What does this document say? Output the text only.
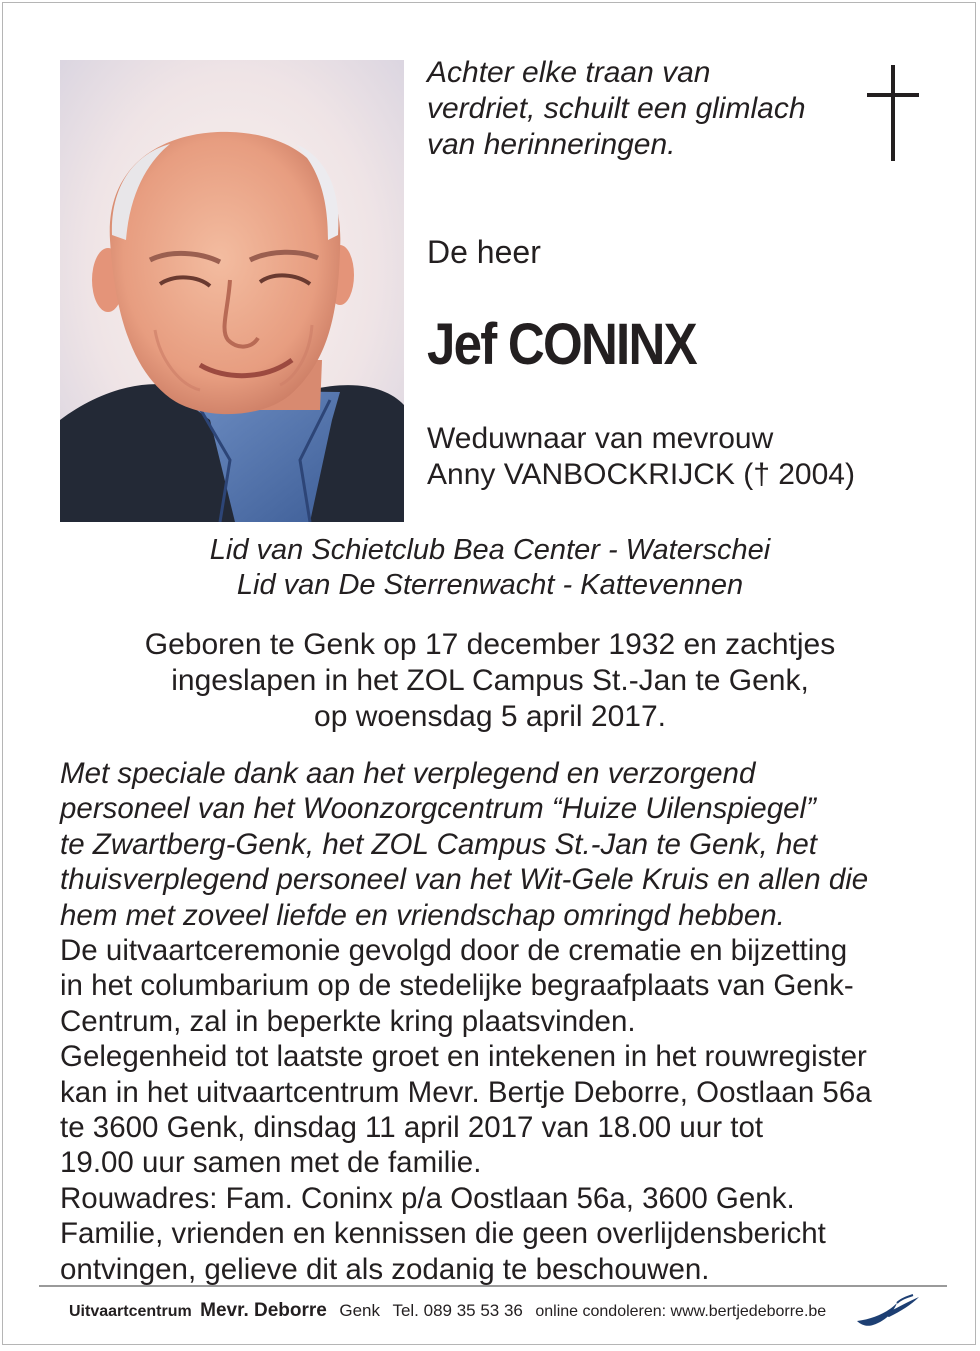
Achter elke traan van
verdriet, schuilt een glimlach
van herinneringen.

De heer

Jef CONINX

Weduwnaar van mevrouw
Anny VANBOCKRIJCK († 2004)

Lid van Schietclub Bea Center - Waterschei
Lid van De Sterrenwacht - Kattevennen

Geboren te Genk op 17 december 1932 en zachtjes
ingeslapen in het ZOL Campus St.-Jan te Genk,
op woensdag 5 april 2017.

Met speciale dank aan het verplegend en verzorgend
personeel van het Woonzorgcentrum “Huize Uilenspiegel”
te Zwartberg-Genk, het ZOL Campus St.-Jan te Genk, het
thuisverplegend personeel van het Wit-Gele Kruis en allen die
hem met zoveel liefde en vriendschap omringd hebben.
De uitvaartceremonie gevolgd door de crematie en bijzetting
in het columbarium op de stedelijke begraafplaats van Genk-
Centrum, zal in beperkte kring plaatsvinden.
Gelegenheid tot laatste groet en intekenen in het rouwregister
kan in het uitvaartcentrum Mevr. Bertje Deborre, Oostlaan 56a
te 3600 Genk, dinsdag 11 april 2017 van 18.00 uur tot
19.00 uur samen met de familie.
Rouwadres: Fam. Coninx p/a Oostlaan 56a, 3600 Genk.
Familie, vrienden en kennissen die geen overlijdensbericht
ontvingen, gelieve dit als zodanig te beschouwen.
Uitvaartcentrum Mevr. Deborre Genk Tel. 089 35 53 36 online condoleren: www.bertjedeborre.be
